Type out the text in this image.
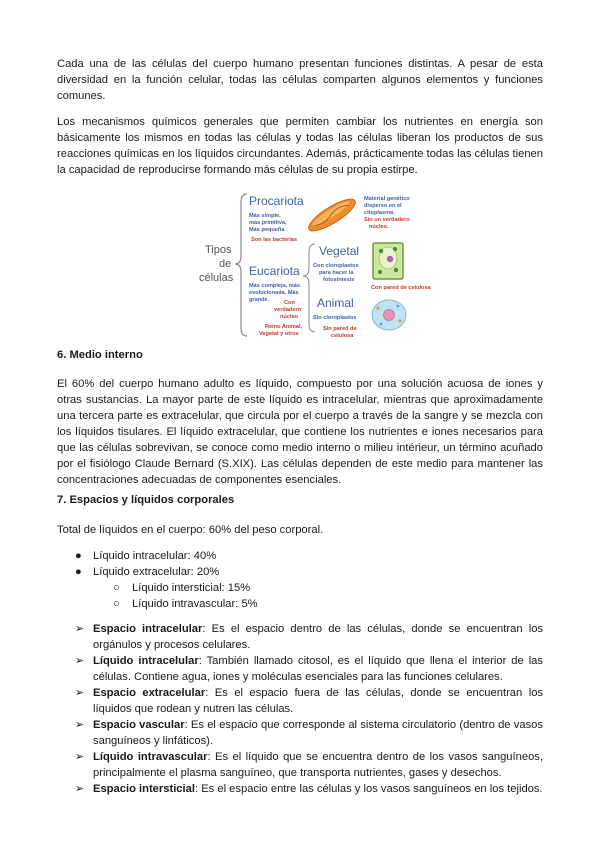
Cada una de las células del cuerpo humano presentan funciones distintas. A pesar de esta diversidad en la función celular, todas las células comparten algunos elementos y funciones comunes.

Los mecanismos químicos generales que permiten cambiar los nutrientes en energía son básicamente los mismos en todas las células y todas las células liberan los productos de sus reacciones químicas en los líquidos circundantes. Además, prácticamente todas las células tienen la capacidad de reproducirse formando más células de su propia estirpe.

Tipos
de
células
Procariota
Más simple,
más primitiva,
Más pequeña
Son las bacterias
Material genético
disperso en el
citoplasma.
Sin un verdadero
núcleo.
Eucariota
Más compleja, más
evolucionada. Más
grande.	Con
verdadero
núcleo
Reino Animal,
Vegetal y otros
Vegetal
Con cloroplastos
para hacer la
fotosíntesis
Con pared de celulosa
Animal
Sin cloroplastos
Sin pared de
celulosa
6. Medio interno

El 60% del cuerpo humano adulto es líquido, compuesto por una solución acuosa de iones y otras sustancias. La mayor parte de este líquido es intracelular, mientras que aproximadamente una tercera parte es extracelular, que circula por el cuerpo a través de la sangre y se mezcla con los líquidos tisulares. El líquido extracelular, que contiene los nutrientes e iones necesarios para que las células sobrevivan, se conoce como medio interno o milieu intérieur, un término acuñado por el fisiólogo Claude Bernard (S.XIX). Las células dependen de este medio para mantener las concentraciones adecuadas de componentes esenciales.

7. Espacios y líquidos corporales
Total de líquidos en el cuerpo: 60% del peso corporal.
● Líquido intracelular: 40%
● Líquido extracelular: 20%
○ Líquido intersticial: 15%
○ Líquido intravascular: 5%
➢ Espacio intracelular: Es el espacio dentro de las células, donde se encuentran los orgánulos y procesos celulares.
➢ Líquido intracelular: También llamado citosol, es el líquido que llena el interior de las células. Contiene agua, iones y moléculas esenciales para las funciones celulares.
➢ Espacio extracelular: Es el espacio fuera de las células, donde se encuentran los líquidos que rodean y nutren las células.
➢ Espacio vascular: Es el espacio que corresponde al sistema circulatorio (dentro de vasos sanguíneos y linfáticos).
➢ Líquido intravascular: Es el líquido que se encuentra dentro de los vasos sanguíneos, principalmente el plasma sanguíneo, que transporta nutrientes, gases y desechos.
➢ Espacio intersticial: Es el espacio entre las células y los vasos sanguíneos en los tejidos.
